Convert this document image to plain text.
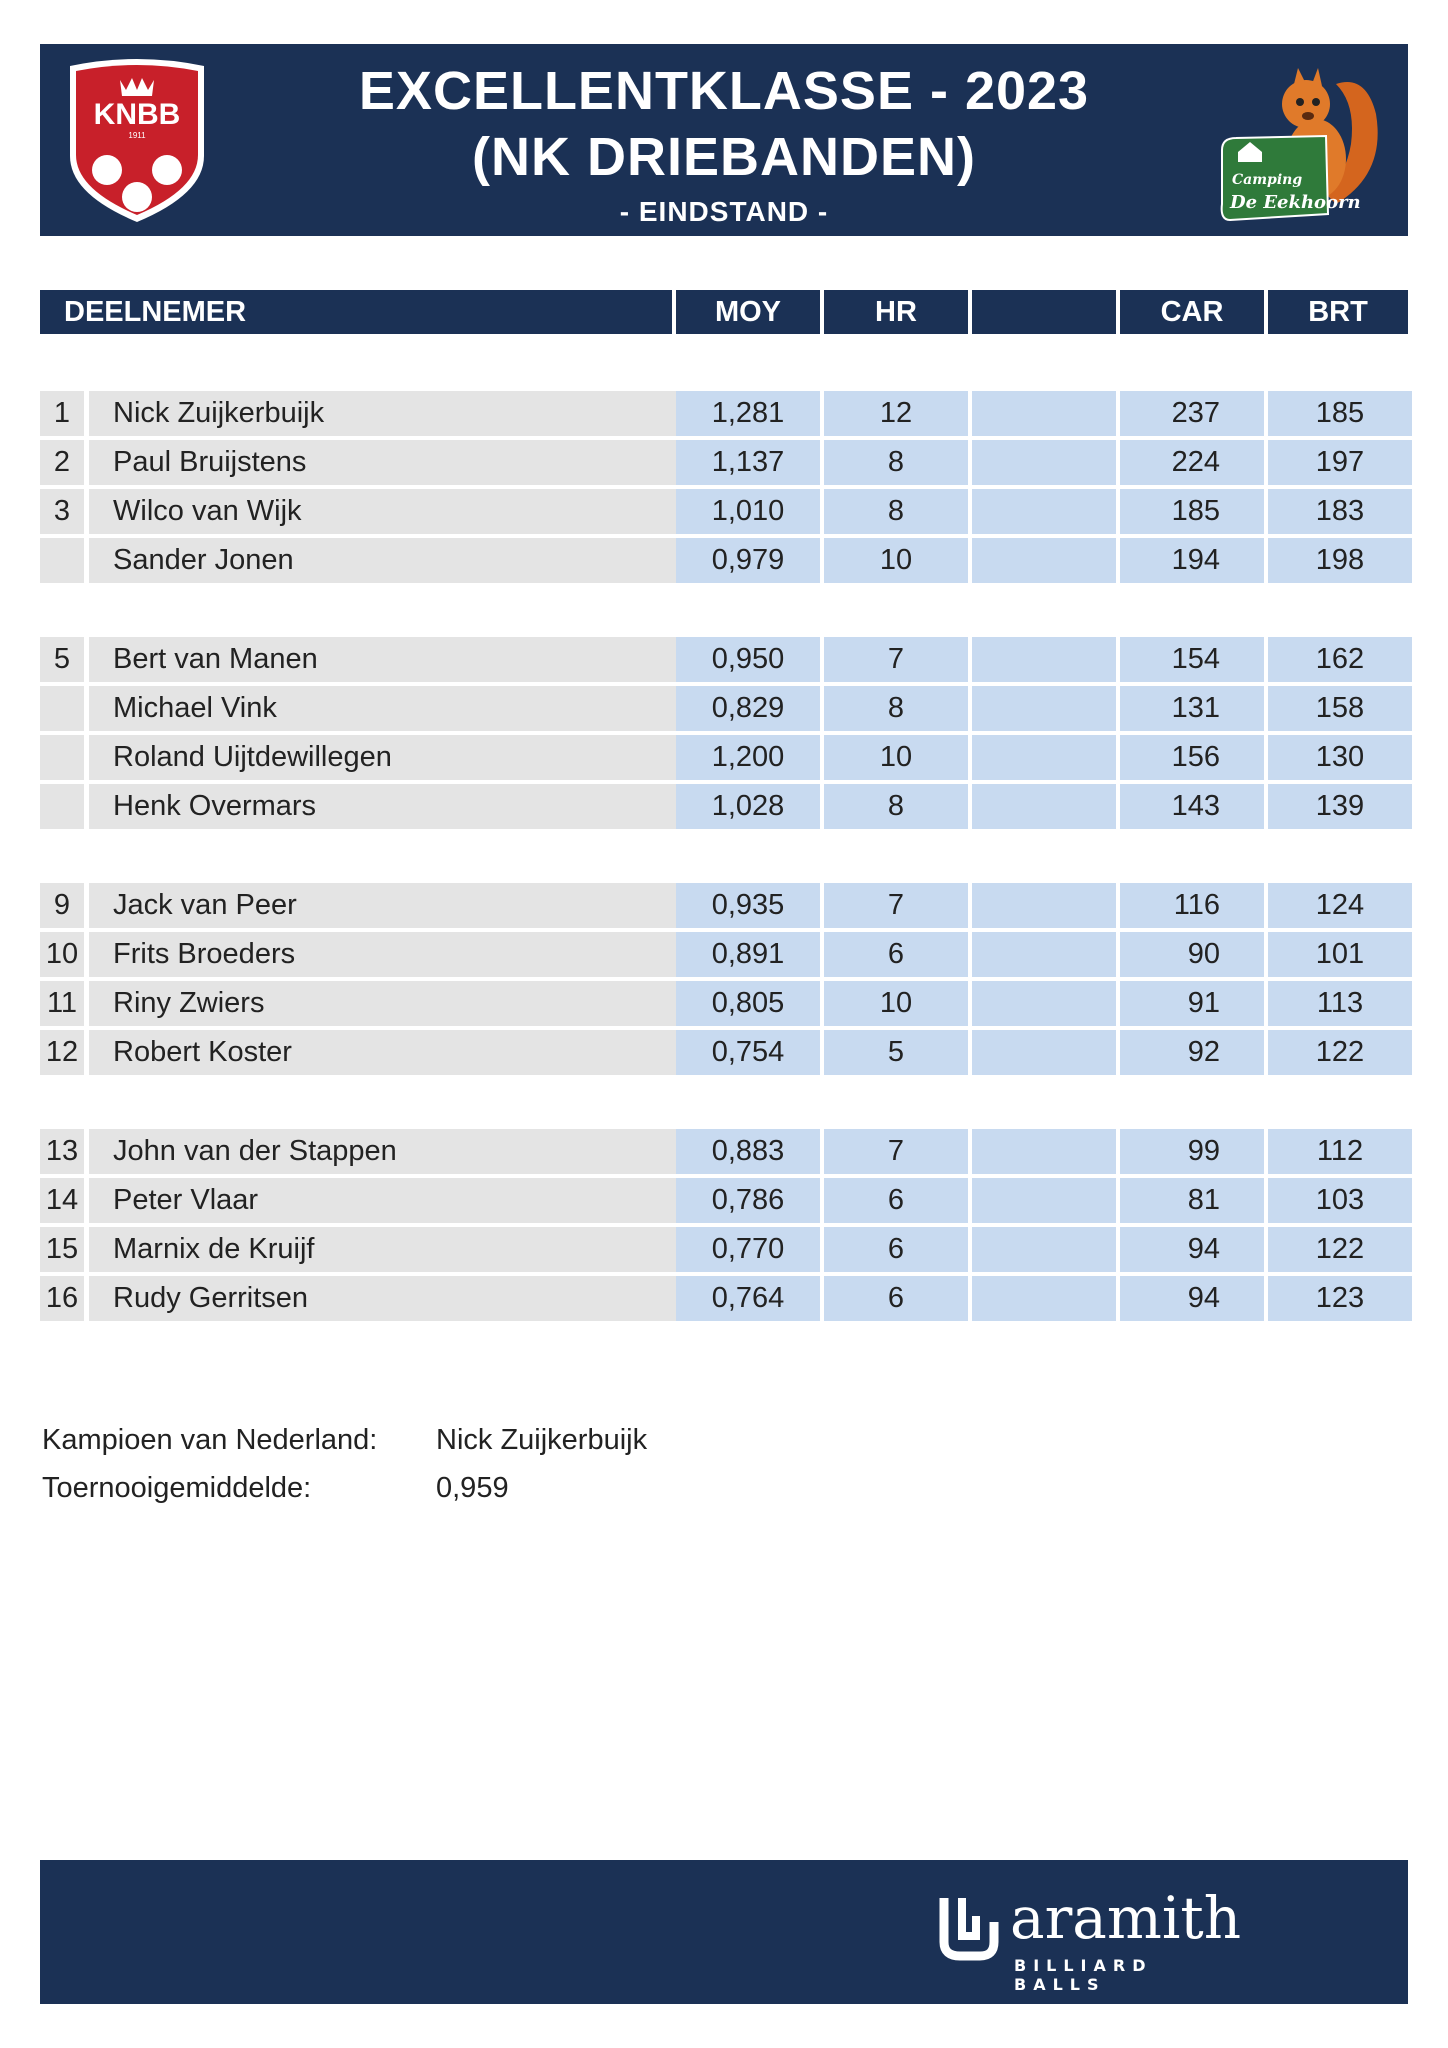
KNBB
1911
EXCELLENTKLASSE - 2023
(NK DRIEBANDEN)
- EINDSTAND -
Camping
De Eekhoorn
DEELNEMER	MOY	HR	CAR	BRT
1	Nick Zuijkerbuijk	1,281	12	237	185
2	Paul Bruijstens	1,137	8	224	197
3	Wilco van Wijk	1,010	8	185	183
Sander Jonen	0,979	10	194	198
5	Bert van Manen	0,950	7	154	162
Michael Vink	0,829	8	131	158
Roland Uijtdewillegen	1,200	10	156	130
Henk Overmars	1,028	8	143	139
9	Jack van Peer	0,935	7	116	124
10	Frits Broeders	0,891	6	90	101
11	Riny Zwiers	0,805	10	91	113
12	Robert Koster	0,754	5	92	122
13	John van der Stappen	0,883	7	99	112
14	Peter Vlaar	0,786	6	81	103
15	Marnix de Kruijf	0,770	6	94	122
16	Rudy Gerritsen	0,764	6	94	123
Kampioen van Nederland: Nick Zuijkerbuijk
Toernooigemiddelde:	0,959
aramith
BILLIARD BALLS
